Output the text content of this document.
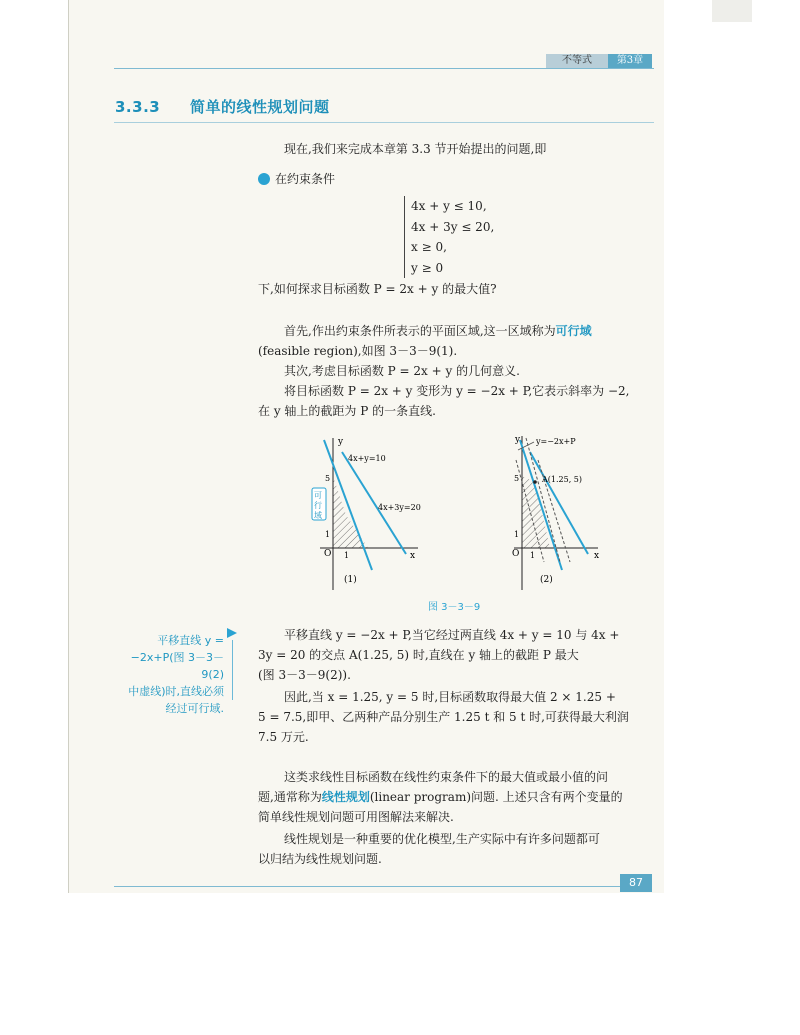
不等式	第3章
3.3.3 简单的线性规划问题
现在,我们来完成本章第 3.3 节开始提出的问题,即
在约束条件
4x + y ≤ 10,
4x + 3y ≤ 20,
x ≥ 0,
y ≥ 0
下,如何探求目标函数 P = 2x + y 的最大值?
首先,作出约束条件所表示的平面区域,这一区域称为可行域
(feasible region),如图 3－3－9(1).
其次,考虑目标函数 P = 2x + y 的几何意义.
将目标函数 P = 2x + y 变形为 y = −2x + P,它表示斜率为 −2,
在 y 轴上的截距为 P 的一条直线.
y
x
O 1
1
5
4x+y=10
4x+3y=20
可
行
域
(1)
y
x
O 1
1
5
y=−2x+P
A(1.25, 5)
(2)
图 3－3－9
平移直线 y =
−2x+P(图 3－3－9(2)
中虚线)时,直线必须
经过可行域.
平移直线 y = −2x + P,当它经过两直线 4x + y = 10 与 4x +
3y = 20 的交点 A(1.25, 5) 时,直线在 y 轴上的截距 P 最大
(图 3－3－9(2)).
因此,当 x = 1.25, y = 5 时,目标函数取得最大值 2 × 1.25 +
5 = 7.5,即甲、乙两种产品分别生产 1.25 t 和 5 t 时,可获得最大利润
7.5 万元.
这类求线性目标函数在线性约束条件下的最大值或最小值的问
题,通常称为线性规划(linear program)问题. 上述只含有两个变量的
简单线性规划问题可用图解法来解决.
线性规划是一种重要的优化模型,生产实际中有许多问题都可
以归结为线性规划问题.
87
